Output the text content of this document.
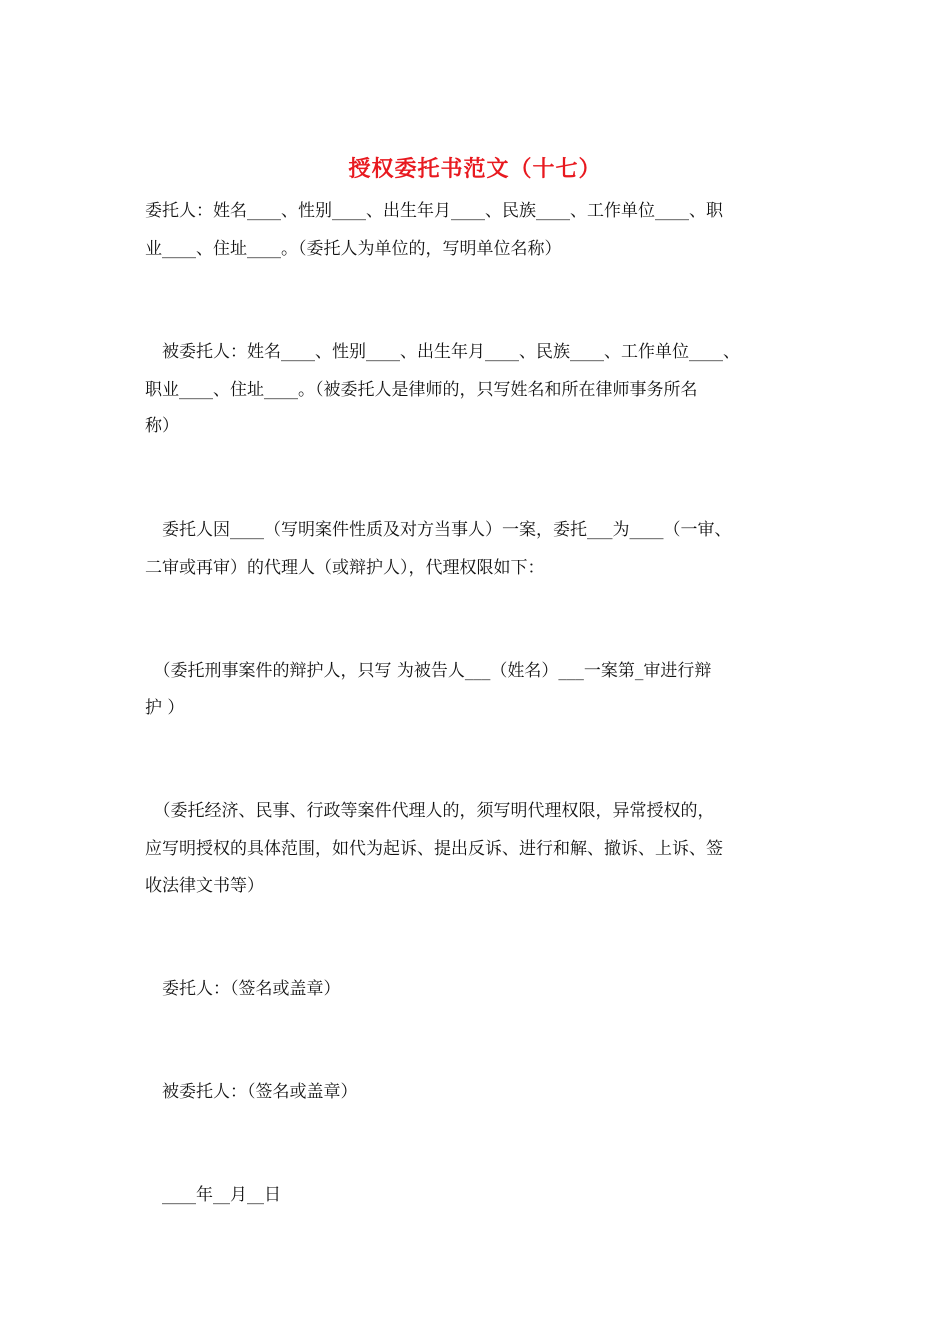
授权委托书范文（十七）
委托人：姓名____、性别____、出生年月____、民族____、工作单位____、职
业____、住址____。（委托人为单位的，写明单位名称）
　被委托人：姓名____、性别____、出生年月____、民族____、工作单位____、
职业____、住址____。（被委托人是律师的，只写姓名和所在律师事务所名
称）
　委托人因____（写明案件性质及对方当事人）一案，委托___为____（一审、
二审或再审）的代理人（或辩护人），代理权限如下：
　（委托刑事案件的辩护人，只写 为被告人___（姓名）___一案第_审进行辩
护 ）
　（委托经济、民事、行政等案件代理人的，须写明代理权限，异常授权的，
应写明授权的具体范围，如代为起诉、提出反诉、进行和解、撤诉、上诉、签
收法律文书等）
　委托人：（签名或盖章）
　被委托人：（签名或盖章）
　____年__月__日
